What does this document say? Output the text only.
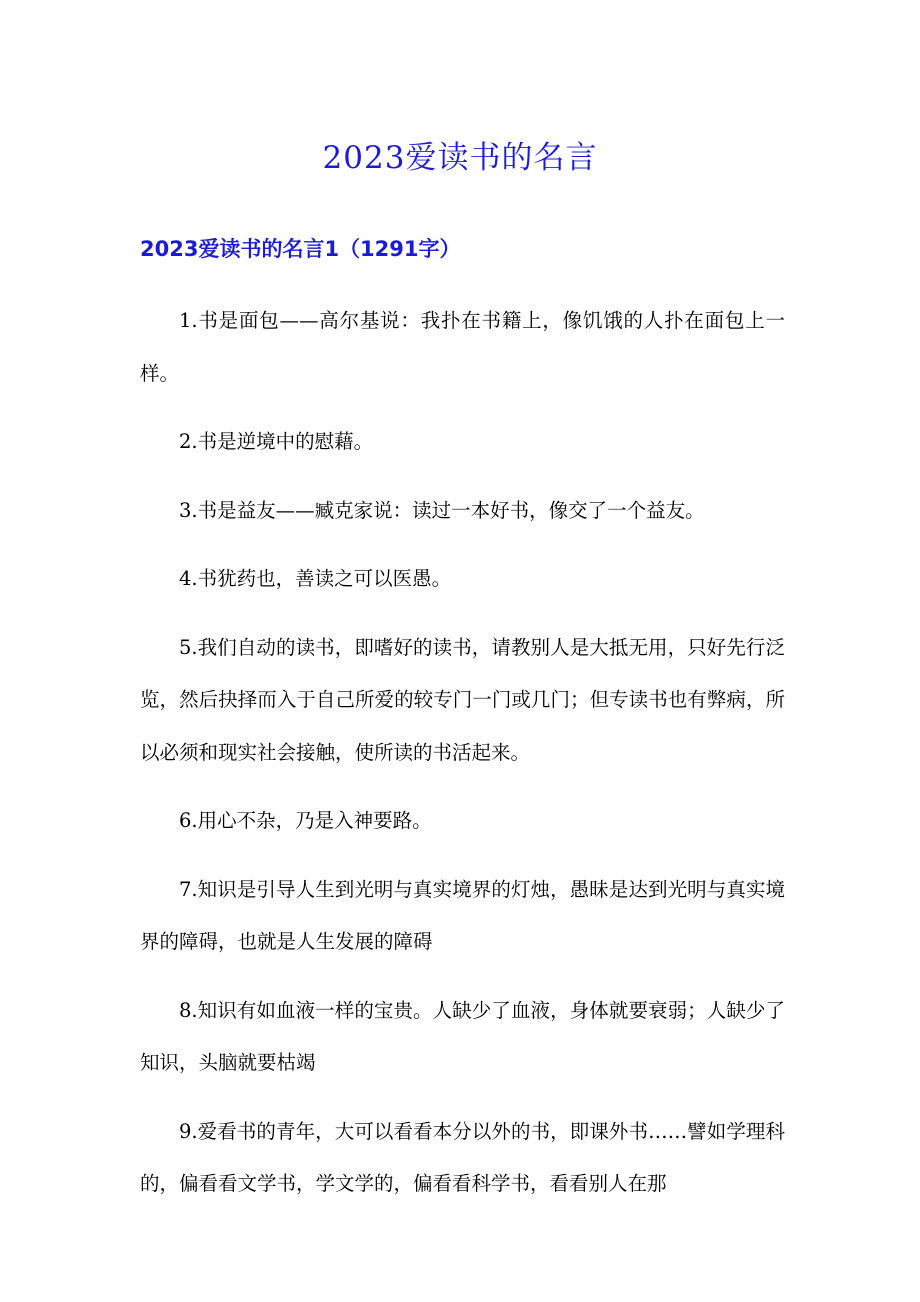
2023爱读书的名言
2023爱读书的名言1（1291字）

1.书是面包——高尔基说：我扑在书籍上，像饥饿的人扑在面包上一样。

2.书是逆境中的慰藉。

3.书是益友——臧克家说：读过一本好书，像交了一个益友。

4.书犹药也，善读之可以医愚。

5.我们自动的读书，即嗜好的读书，请教别人是大抵无用，只好先行泛览，然后抉择而入于自己所爱的较专门一门或几门；但专读书也有弊病，所以必须和现实社会接触，使所读的书活起来。

6.用心不杂，乃是入神要路。

7.知识是引导人生到光明与真实境界的灯烛，愚昧是达到光明与真实境界的障碍，也就是人生发展的障碍

8.知识有如血液一样的宝贵。人缺少了血液，身体就要衰弱；人缺少了知识，头脑就要枯竭

9.爱看书的青年，大可以看看本分以外的书，即课外书……譬如学理科的，偏看看文学书，学文学的，偏看看科学书，看看别人在那
